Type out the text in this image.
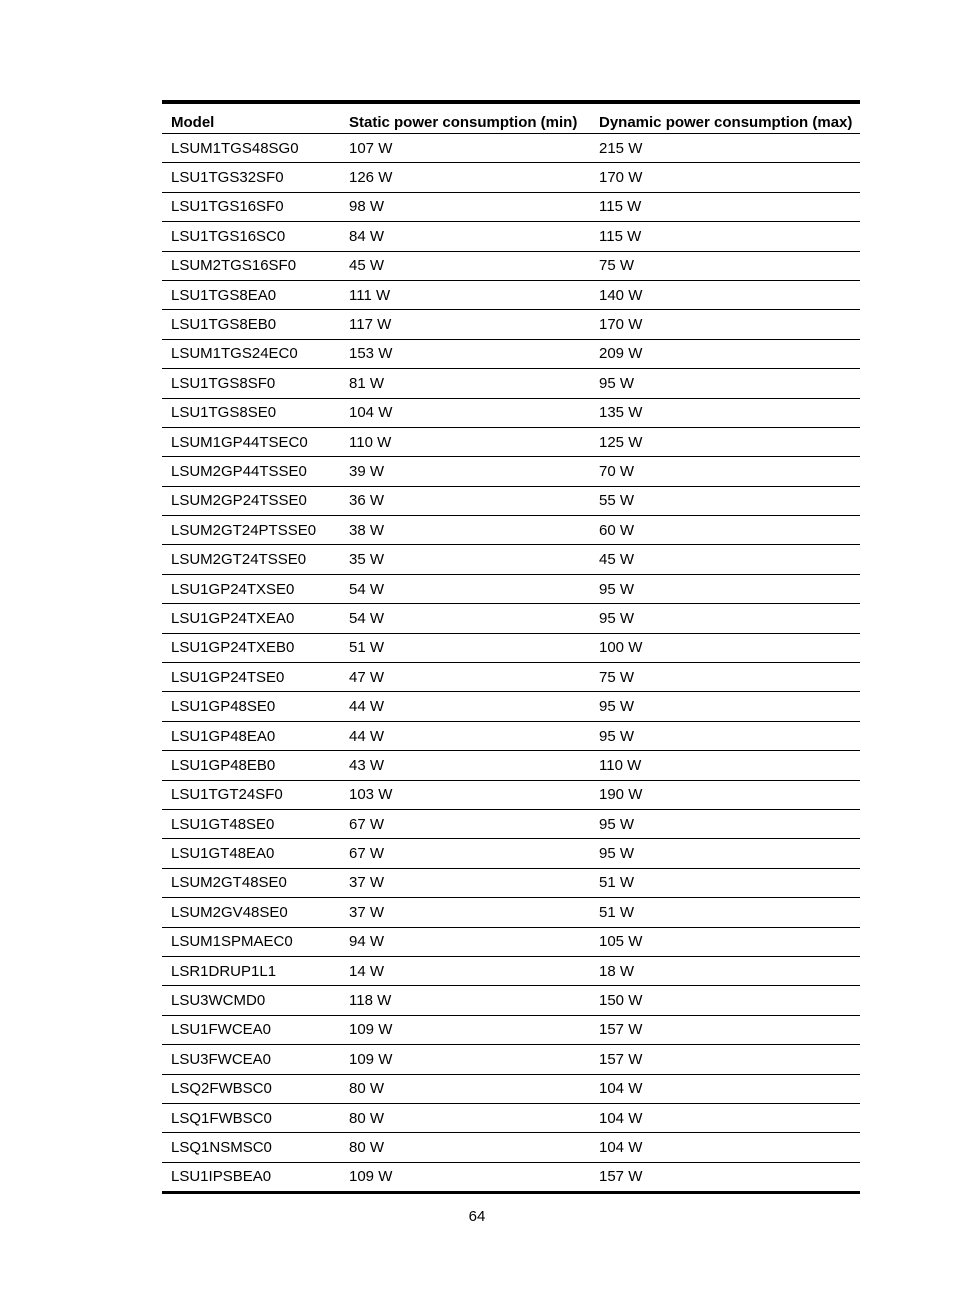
Model	Static power consumption (min)	Dynamic power consumption (max)
LSUM1TGS48SG0	107 W	215 W
LSU1TGS32SF0	126 W	170 W
LSU1TGS16SF0	98 W	115 W
LSU1TGS16SC0	84 W	115 W
LSUM2TGS16SF0	45 W	75 W
LSU1TGS8EA0	111 W	140 W
LSU1TGS8EB0	117 W	170 W
LSUM1TGS24EC0	153 W	209 W
LSU1TGS8SF0	81 W	95 W
LSU1TGS8SE0	104 W	135 W
LSUM1GP44TSEC0	110 W	125 W
LSUM2GP44TSSE0	39 W	70 W
LSUM2GP24TSSE0	36 W	55 W
LSUM2GT24PTSSE0	38 W	60 W
LSUM2GT24TSSE0	35 W	45 W
LSU1GP24TXSE0	54 W	95 W
LSU1GP24TXEA0	54 W	95 W
LSU1GP24TXEB0	51 W	100 W
LSU1GP24TSE0	47 W	75 W
LSU1GP48SE0	44 W	95 W
LSU1GP48EA0	44 W	95 W
LSU1GP48EB0	43 W	110 W
LSU1TGT24SF0	103 W	190 W
LSU1GT48SE0	67 W	95 W
LSU1GT48EA0	67 W	95 W
LSUM2GT48SE0	37 W	51 W
LSUM2GV48SE0	37 W	51 W
LSUM1SPMAEC0	94 W	105 W
LSR1DRUP1L1	14 W	18 W
LSU3WCMD0	118 W	150 W
LSU1FWCEA0	109 W	157 W
LSU3FWCEA0	109 W	157 W
LSQ2FWBSC0	80 W	104 W
LSQ1FWBSC0	80 W	104 W
LSQ1NSMSC0	80 W	104 W
LSU1IPSBEA0	109 W	157 W
64
